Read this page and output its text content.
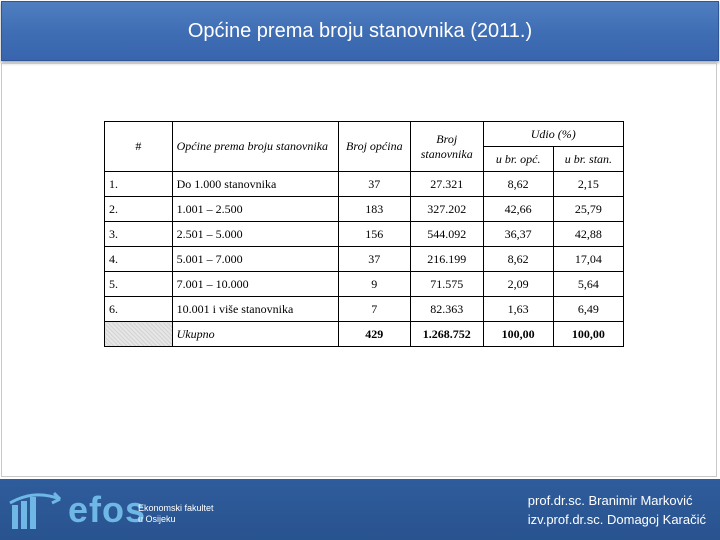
Općine prema broju stanovnika (2011.)
#	Općine prema broju stanovnika	Broj općina	Broj stanovnika	Udio (%)	
				u br. opć.	u br. stan.
1.	Do 1.000 stanovnika	37	27.321	8,62	2,15
2.	1.001 – 2.500	183	327.202	42,66	25,79
3.	2.501 – 5.000	156	544.092	36,37	42,88
4.	5.001 – 7.000	37	216.199	8,62	17,04
5.	7.001 – 10.000	9	71.575	2,09	5,64
6.	10.001 i više stanovnika	7	82.363	1,63	6,49
	Ukupno	429	1.268.752	100,00	100,00
efos
Ekonomski fakultet
u Osijeku
prof.dr.sc. Branimir Marković
izv.prof.dr.sc. Domagoj Karačić
